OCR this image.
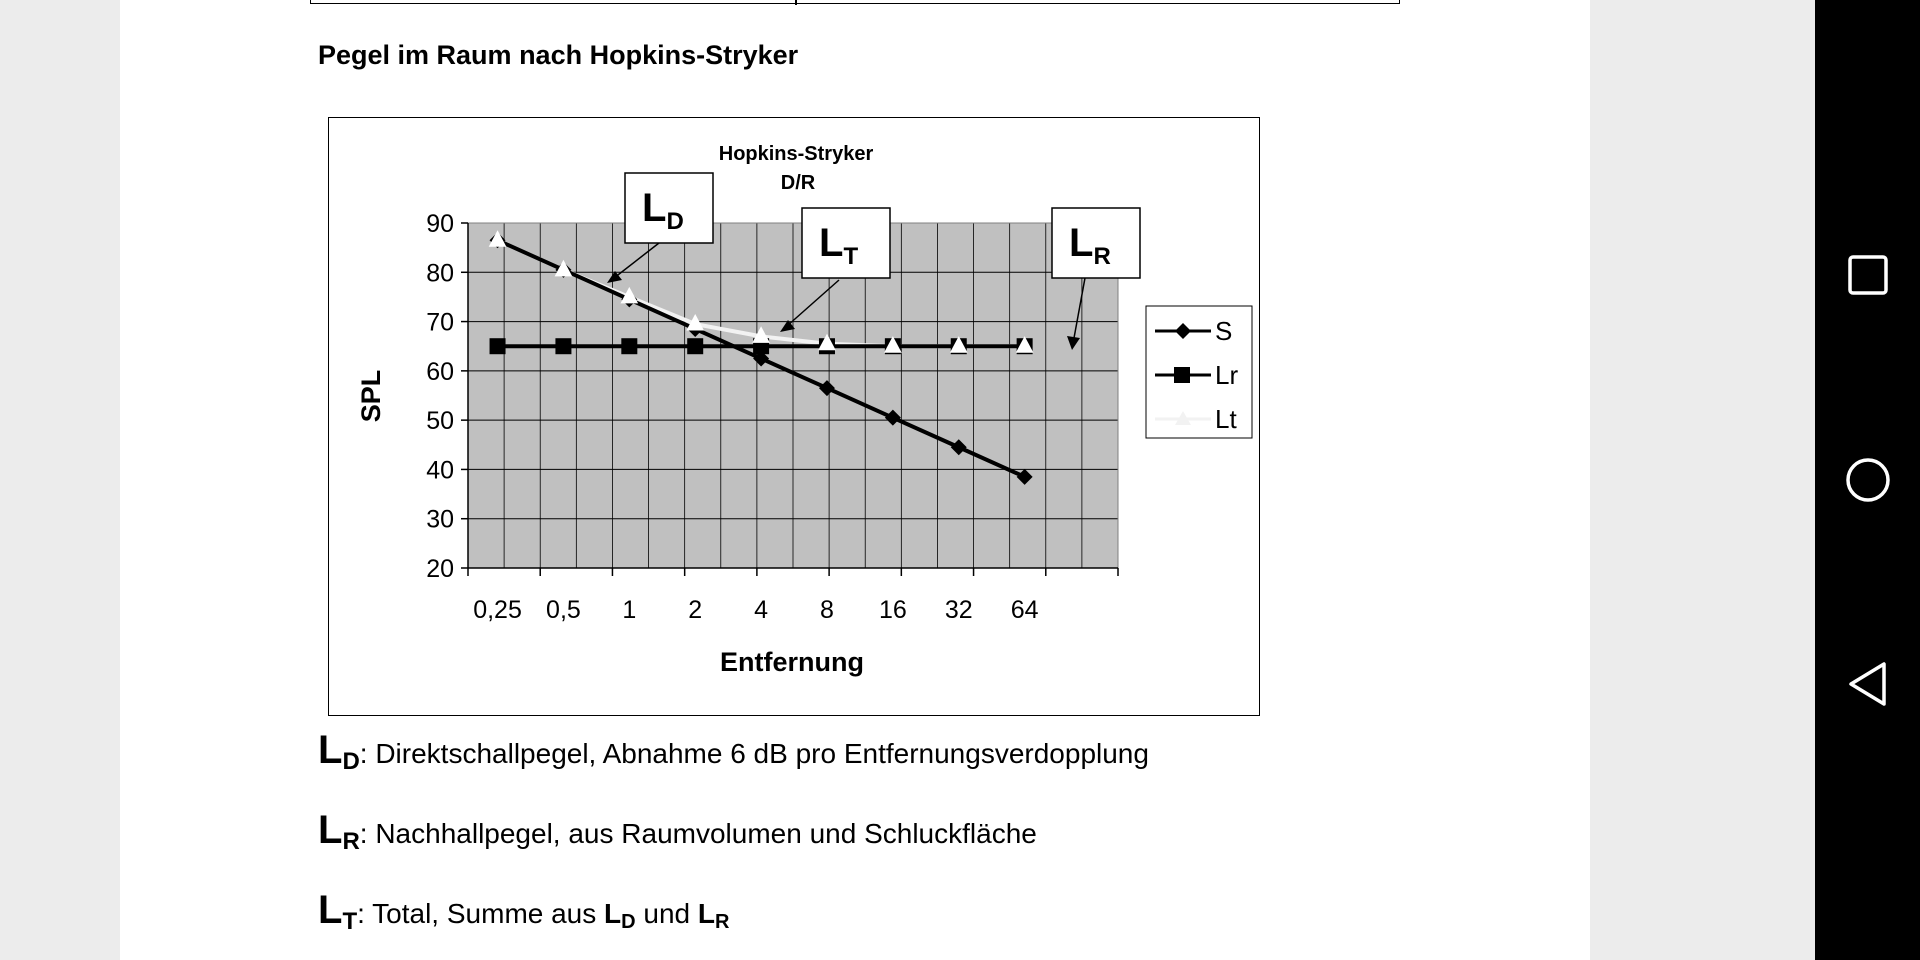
Pegel im Raum nach Hopkins-Stryker
20
30
40
50
60
70
80
90
0,25 0,5 1 2 4 8 16 32 64
Hopkins-Stryker
D/R
SPL
Entfernung
LD	LT	LR
S
Lr
Lt
LD: Direktschallpegel, Abnahme 6 dB pro Entfernungsverdopplung
LR: Nachhallpegel, aus Raumvolumen und Schluckfläche
LT: Total, Summe aus LD und LR
